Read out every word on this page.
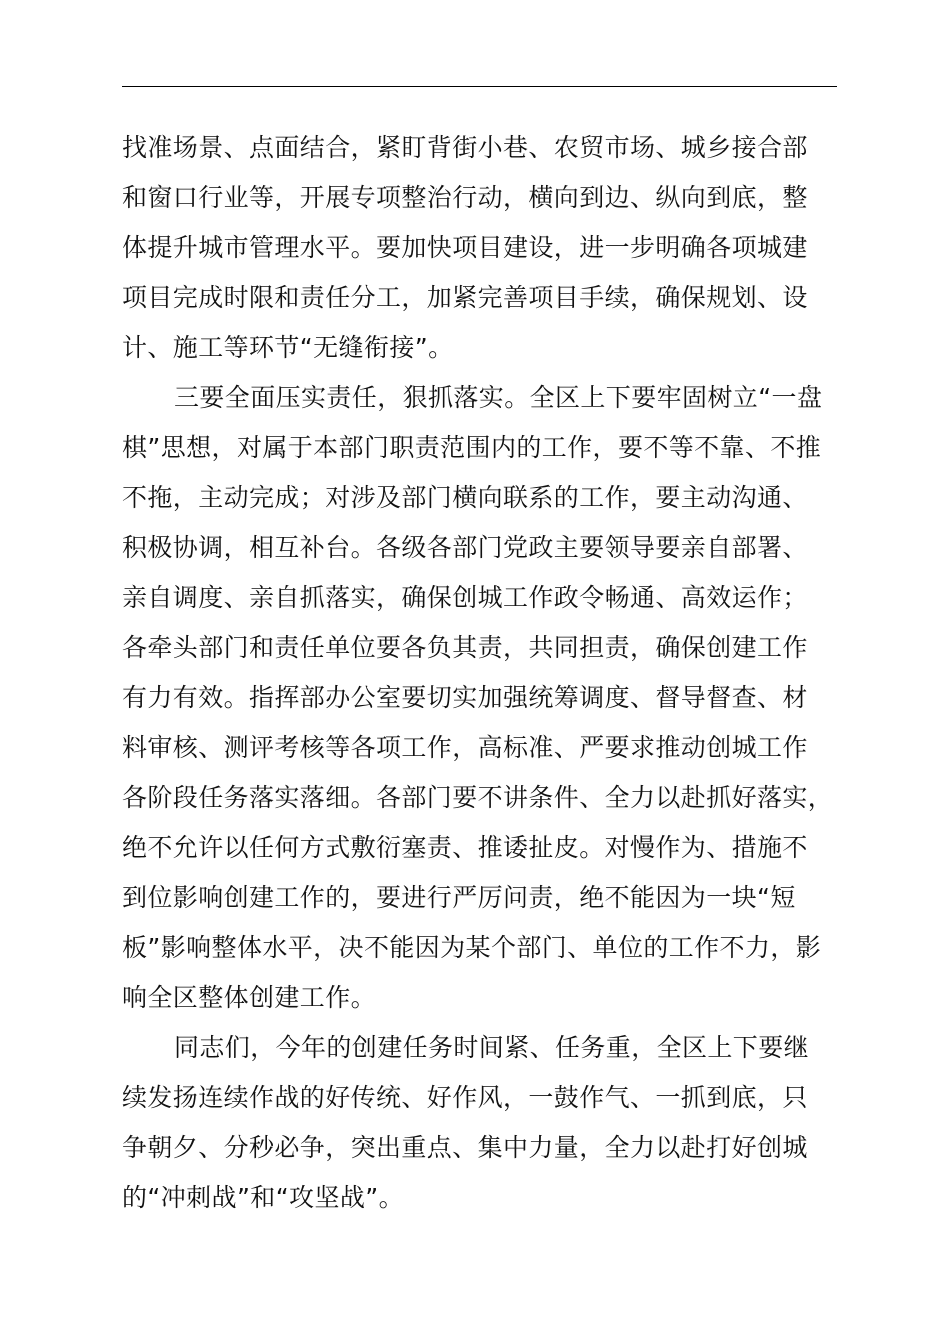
找准场景、点面结合，紧盯背街小巷、农贸市场、城乡接合部
和窗口行业等，开展专项整治行动，横向到边、纵向到底，整
体提升城市管理水平。要加快项目建设，进一步明确各项城建
项目完成时限和责任分工，加紧完善项目手续，确保规划、设
计、施工等环节“无缝衔接”。
三要全面压实责任，狠抓落实。全区上下要牢固树立“一盘
棋”思想，对属于本部门职责范围内的工作，要不等不靠、不推
不拖，主动完成；对涉及部门横向联系的工作，要主动沟通、
积极协调，相互补台。各级各部门党政主要领导要亲自部署、
亲自调度、亲自抓落实，确保创城工作政令畅通、高效运作；
各牵头部门和责任单位要各负其责，共同担责，确保创建工作
有力有效。指挥部办公室要切实加强统筹调度、督导督查、材
料审核、测评考核等各项工作，高标准、严要求推动创城工作
各阶段任务落实落细。各部门要不讲条件、全力以赴抓好落实，
绝不允许以任何方式敷衍塞责、推诿扯皮。对慢作为、措施不
到位影响创建工作的，要进行严厉问责，绝不能因为一块“短
板”影响整体水平，决不能因为某个部门、单位的工作不力，影
响全区整体创建工作。
同志们，今年的创建任务时间紧、任务重，全区上下要继
续发扬连续作战的好传统、好作风，一鼓作气、一抓到底，只
争朝夕、分秒必争，突出重点、集中力量，全力以赴打好创城
的“冲刺战”和“攻坚战”。
